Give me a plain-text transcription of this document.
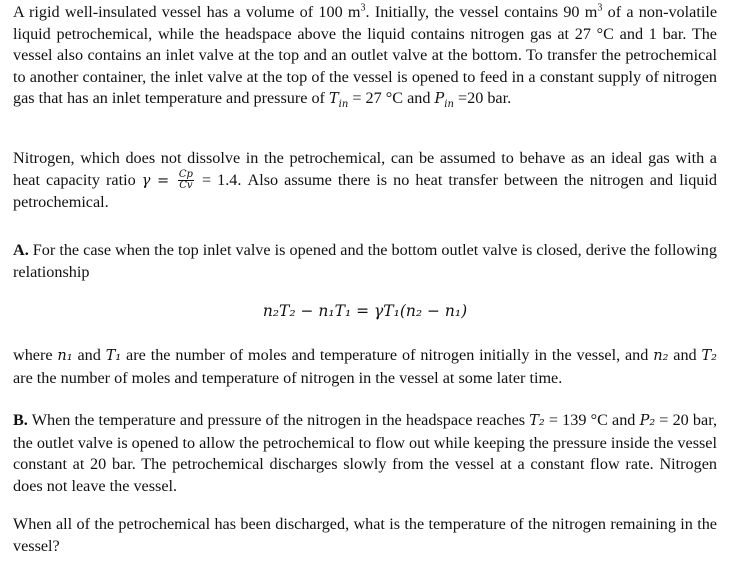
A rigid well-insulated vessel has a volume of 100 $m^3$. Initially, the vessel contains 90 $m^3$ of a non-volatile liquid petrochemical, while the headspace above the liquid contains nitrogen gas at 27 °C and 1 bar. The vessel also contains an inlet valve at the top and an outlet valve at the bottom. To transfer the petrochemical to another container, the inlet valve at the top of the vessel is opened to feed in a constant supply of nitrogen gas that has an inlet temperature and pressure of $T_{in} = 27$ °C and $P_{in} =20$ bar.

Nitrogen, which does not dissolve in the petrochemical, can be assumed to behave as an ideal gas with a heat capacity ratio $\gamma = \frac{Cp}{Cv} = 1.4$. Also assume there is no heat transfer between the nitrogen and liquid petrochemical.

A. For the case when the top inlet valve is opened and the bottom outlet valve is closed, derive the following relationship

n₂T₂ − n₁T₁ = γT₁(n₂ − n₁)

where n₁ and T₁ are the number of moles and temperature of nitrogen initially in the vessel, and n₂ and T₂ are the number of moles and temperature of nitrogen in the vessel at some later time.

B. When the temperature and pressure of the nitrogen in the headspace reaches T₂ = 139 °C and P₂ = 20 bar, the outlet valve is opened to allow the petrochemical to flow out while keeping the pressure inside the vessel constant at 20 bar. The petrochemical discharges slowly from the vessel at a constant flow rate. Nitrogen does not leave the vessel.

When all of the petrochemical has been discharged, what is the temperature of the nitrogen remaining in the vessel?
